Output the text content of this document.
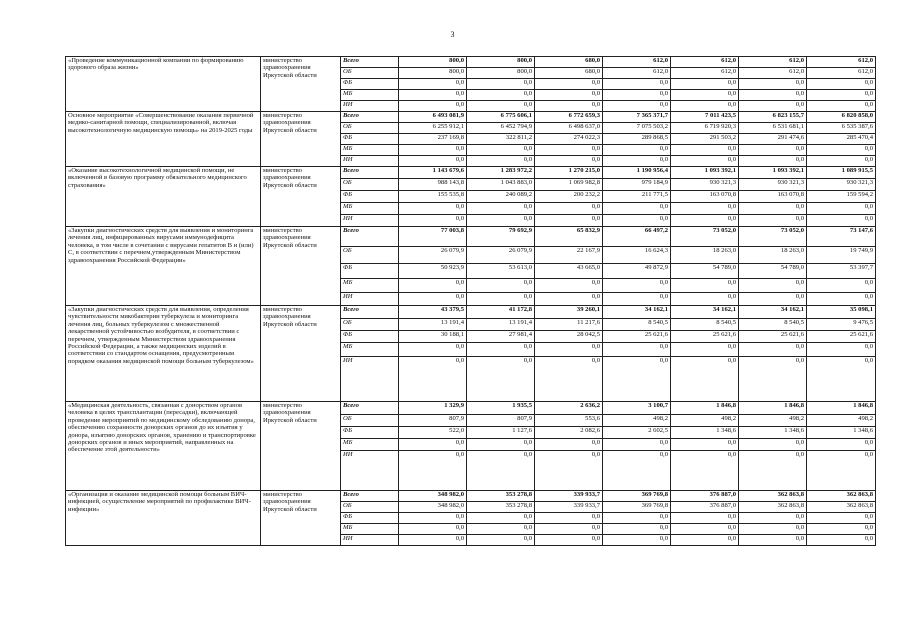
3
«Проведение коммуникационной компании по формированию здорового образа жизни»	министерство здравоохранения Иркутской области	Всего	800,0	800,0	680,0	612,0	612,0	612,0	612,0
		ОБ	800,0	800,0	680,0	612,0	612,0	612,0	612,0
		ФБ	0,0	0,0	0,0	0,0	0,0	0,0	0,0
		МБ	0,0	0,0	0,0	0,0	0,0	0,0	0,0
		ИИ	0,0	0,0	0,0	0,0	0,0	0,0	0,0
Основное мероприятие «Совершенствование оказания первичной медико-санитарной помощи, специализированной, включая высокотехнологичную медицинскую помощь» на 2019-2025 годы	министерство здравоохранения Иркутской области	Всего	6 493 081,9	6 775 606,1	6 772 659,3	7 365 371,7	7 011 423,5	6 823 155,7	6 820 858,0
		ОБ	6 255 912,1	6 452 794,9	6 498 637,0	7 075 503,2	6 719 920,3	6 531 681,1	6 535 387,6
		ФБ	237 169,8	322 811,2	274 022,3	289 868,5	291 503,2	291 474,6	285 470,4
		МБ	0,0	0,0	0,0	0,0	0,0	0,0	0,0
		ИИ	0,0	0,0	0,0	0,0	0,0	0,0	0,0
«Оказание высокотехнологичной медицинской помощи, не включенной в базовую программу обязательного медицинского страхования»	министерство здравоохранения Иркутской области	Всего	1 143 679,6	1 283 972,2	1 270 215,0	1 190 956,4	1 093 392,1	1 093 392,1	1 089 915,5
		ОБ	988 143,8	1 043 883,0	1 069 982,8	979 184,9	930 321,3	930 321,3	930 321,3
		ФБ	155 535,8	240 089,2	200 232,2	211 771,5	163 070,8	163 070,8	159 594,2
		МБ	0,0	0,0	0,0	0,0	0,0	0,0	0,0
		ИИ	0,0	0,0	0,0	0,0	0,0	0,0	0,0
«Закупки диагностических средств для выявления и мониторинга лечения лиц, инфицированных вирусами иммунодефицита человека, в том числе в сочетании с вирусами гепатитов B и (или) C, в соответствии с перечнем,утвержденным Министерством здравоохранения Российской Федерации»	министерство здравоохранения Иркутской области	Всего	77 003,8	79 692,9	65 832,9	66 497,2	73 052,0	73 052,0	73 147,6
		ОБ	26 079,9	26 079,9	22 167,9	16 624,3	18 263,0	18 263,0	19 749,9
		ФБ	50 923,9	53 613,0	43 665,0	49 872,9	54 789,0	54 789,0	53 397,7
		МБ	0,0	0,0	0,0	0,0	0,0	0,0	0,0
		ИИ	0,0	0,0	0,0	0,0	0,0	0,0	0,0
«Закупки диагностических средств для выявления, определения чувствительности микобактерии туберкулеза и мониторинга лечения лиц, больных туберкулезом с множественной лекарственной устойчивостью возбудителя, в соответствии с перечнем, утвержденным Министерством здравоохранения Российской Федерации, а также медицинских изделий в соответствии со стандартом оснащения, предусмотренным порядком оказания медицинской помощи больным туберкулезом»	министерство здравоохранения Иркутской области	Всего	43 379,5	41 172,8	39 260,1	34 162,1	34 162,1	34 162,1	35 098,1
		ОБ	13 191,4	13 191,4	11 217,6	8 540,5	8 540,5	8 540,5	9 476,5
		ФБ	30 188,1	27 981,4	28 042,5	25 621,6	25 621,6	25 621,6	25 621,6
		МБ	0,0	0,0	0,0	0,0	0,0	0,0	0,0
		ИИ	0,0	0,0	0,0	0,0	0,0	0,0	0,0
«Медицинская деятельность, связанная с донорством органов человека в целях трансплантации (пересадки), включающей проведение мероприятий по медицинскому обследованию донора, обеспечению сохранности донорских органов до их изъятия у донора, изъятию донорских органов, хранению и транспортировке донорских органов и иных мероприятий, направленных на обеспечение этой деятельности»	министерство здравоохранения Иркутской области	Всего	1 329,9	1 935,5	2 636,2	3 100,7	1 846,8	1 846,8	1 846,8
		ОБ	807,9	807,9	553,6	498,2	498,2	498,2	498,2
		ФБ	522,0	1 127,6	2 082,6	2 602,5	1 348,6	1 348,6	1 348,6
		МБ	0,0	0,0	0,0	0,0	0,0	0,0	0,0
		ИИ	0,0	0,0	0,0	0,0	0,0	0,0	0,0
«Организация и оказание медицинской помощи больным ВИЧ-инфекцией, осуществление мероприятий по профилактике ВИЧ-инфекции»	министерство здравоохранения Иркутской области	Всего	348 982,0	353 278,8	339 933,7	369 769,8	376 887,0	362 863,8	362 863,8
		ОБ	348 982,0	353 278,8	339 933,7	369 769,8	376 887,0	362 863,8	362 863,8
		ФБ	0,0	0,0	0,0	0,0	0,0	0,0	0,0
		МБ	0,0	0,0	0,0	0,0	0,0	0,0	0,0
		ИИ	0,0	0,0	0,0	0,0	0,0	0,0	0,0
